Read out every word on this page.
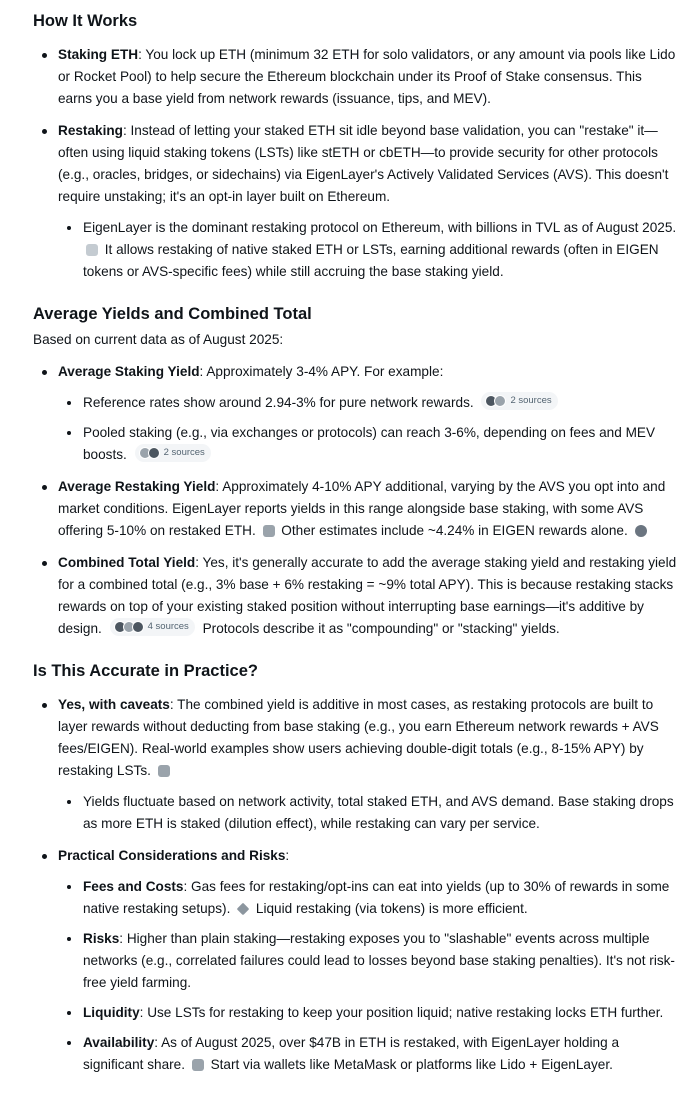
How It Works
Staking ETH: You lock up ETH (minimum 32 ETH for solo validators, or any amount via pools like Lido or Rocket Pool) to help secure the Ethereum blockchain under its Proof of Stake consensus. This earns you a base yield from network rewards (issuance, tips, and MEV).
Restaking: Instead of letting your staked ETH sit idle beyond base validation, you can "restake" it—often using liquid staking tokens (LSTs) like stETH or cbETH—to provide security for other protocols (e.g., oracles, bridges, or sidechains) via EigenLayer's Actively Validated Services (AVS). This doesn't require unstaking; it's an opt-in layer built on Ethereum.
EigenLayer is the dominant restaking protocol on Ethereum, with billions in TVL as of August 2025.  It allows restaking of native staked ETH or LSTs, earning additional rewards (often in EIGEN tokens or AVS-specific fees) while still accruing the base staking yield.
Average Yields and Combined Total

Based on current data as of August 2025:

Average Staking Yield: Approximately 3-4% APY. For example:
Reference rates show around 2.94-3% for pure network rewards.	2 sources
Pooled staking (e.g., via exchanges or protocols) can reach 3-6%, depending on fees and MEV boosts.	2 sources
Average Restaking Yield: Approximately 4-10% APY additional, varying by the AVS you opt into and market conditions. EigenLayer reports yields in this range alongside base staking, with some AVS offering 5-10% on restaked ETH. Other estimates include ~4.24% in EIGEN rewards alone.
Combined Total Yield: Yes, it's generally accurate to add the average staking yield and restaking yield for a combined total (e.g., 3% base + 6% restaking = ~9% total APY). This is because restaking stacks rewards on top of your existing staked position without interrupting base earnings—it's additive by design.	4 sources Protocols describe it as "compounding" or "stacking" yields.
Is This Accurate in Practice?
Yes, with caveats: The combined yield is additive in most cases, as restaking protocols are built to layer rewards without deducting from base staking (e.g., you earn Ethereum network rewards + AVS fees/EIGEN). Real-world examples show users achieving double-digit totals (e.g., 8-15% APY) by restaking LSTs.
Yields fluctuate based on network activity, total staked ETH, and AVS demand. Base staking drops as more ETH is staked (dilution effect), while restaking can vary per service.
Practical Considerations and Risks:
Fees and Costs: Gas fees for restaking/opt-ins can eat into yields (up to 30% of rewards in some native restaking setups). Liquid restaking (via tokens) is more efficient.
Risks: Higher than plain staking—restaking exposes you to "slashable" events across multiple networks (e.g., correlated failures could lead to losses beyond base staking penalties). It's not risk-free yield farming.
Liquidity: Use LSTs for restaking to keep your position liquid; native restaking locks ETH further.
Availability: As of August 2025, over $47B in ETH is restaked, with EigenLayer holding a significant share. Start via wallets like MetaMask or platforms like Lido + EigenLayer.
